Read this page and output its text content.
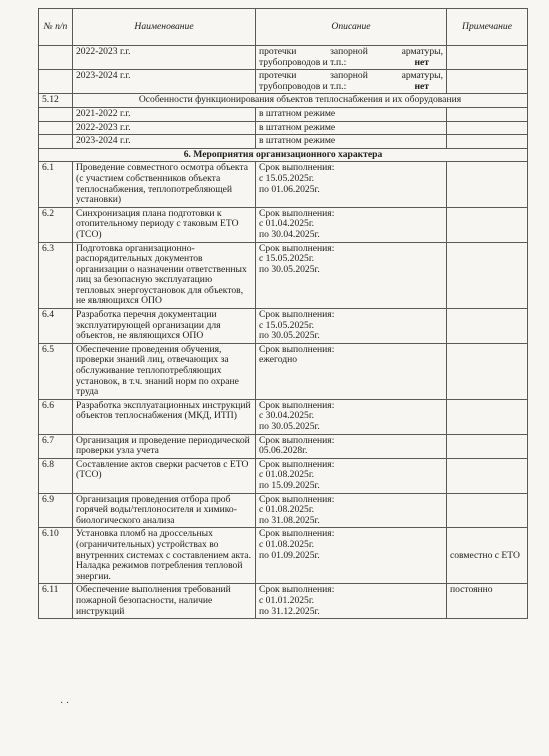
№ п/п	Наименование	Описание	Примечание
	2022-2023 г.г.	протечки запорной арматуры,
трубопроводов и т.п.: нет	

	2023-2024 г.г.	протечки запорной арматуры,
трубопроводов и т.п.: нет	

5.12	Особенности функционирования объектов теплоснабжения и их оборудования		
	2021-2022 г.г.	в штатном режиме	
	2022-2023 г.г.	в штатном режиме	
	2023-2024 г.г.	в штатном режиме	
6. Мероприятия организационного характера			
6.1	Проведение совместного осмотра объекта (с участием собственников объекта теплоснабжения, теплопотребляющей установки)	Срок выполнения:
с 15.05.2025г.
по 01.06.2025г.	

6.2	Синхронизация плана подготовки к отопительному периоду с таковым ЕТО (ТСО)	Срок выполнения:
с 01.04.2025г.
по 30.04.2025г.	

6.3	Подготовка организационно-распорядительных документов организации о назначении ответственных лиц за безопасную эксплуатацию тепловых энергоустановок для объектов, не являющихся ОПО	Срок выполнения:
с 15.05.2025г.
по 30.05.2025г.	

6.4	Разработка перечня документации эксплуатирующей организации для объектов, не являющихся ОПО	Срок выполнения:
с 15.05.2025г.
по 30.05.2025г.	

6.5	Обеспечение проведения обучения, проверки знаний лиц, отвечающих за обслуживание теплопотребляющих установок, в т.ч. знаний норм по охране труда	Срок выполнения:
ежегодно	

6.6	Разработка эксплуатационных инструкций объектов теплоснабжения (МКД, ИТП)	Срок выполнения:
с 30.04.2025г.
по 30.05.2025г.	

6.7	Организация и проведение периодической проверки узла учета	Срок выполнения:
05.06.2028г.	

6.8	Составление актов сверки расчетов с ЕТО (ТСО)	Срок выполнения:
с 01.08.2025г.
по 15.09.2025г.	

6.9	Организация проведения отбора проб горячей воды/теплоносителя и химико-биологического анализа	Срок выполнения:
с 01.08.2025г.
по 31.08.2025г.	

6.10	Установка пломб на дроссельных (ограничительных) устройствах во внутренних системах с составлением акта. Наладка режимов потребления тепловой энергии.	Срок выполнения:
с 01.08.2025г.
по 01.09.2025г.	совместно с ЕТО
6.11	Обеспечение выполнения требований пожарной безопасности, наличие инструкций	Срок выполнения:
с 01.01.2025г.
по 31.12.2025г.	постоянно
· ·
